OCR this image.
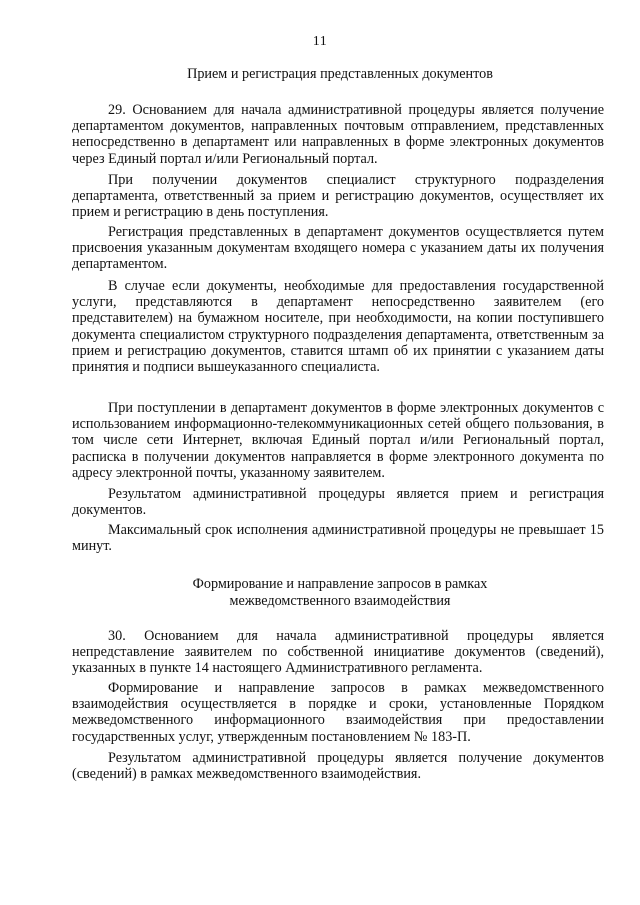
11
Прием и регистрация представленных документов

29. Основанием для начала административной процедуры является получение департаментом документов, направленных почтовым отправлением, представленных непосредственно в департамент или направленных в форме электронных документов через Единый портал и/или Региональный портал.

При получении документов специалист структурного подразделения департамента, ответственный за прием и регистрацию документов, осуществляет их прием и регистрацию в день поступления.

Регистрация представленных в департамент документов осуществляется путем присвоения указанным документам входящего номера с указанием даты их получения департаментом.

В случае если документы, необходимые для предоставления государственной услуги, представляются в департамент непосредственно заявителем (его представителем) на бумажном носителе, при необходимости, на копии поступившего документа специалистом структурного подразделения департамента, ответственным за прием и регистрацию документов, ставится штамп об их принятии с указанием даты принятия и подписи вышеуказанного специалиста.

При поступлении в департамент документов в форме электронных документов с использованием информационно-телекоммуникационных сетей общего пользования, в том числе сети Интернет, включая Единый портал и/или Региональный портал, расписка в получении документов направляется в форме электронного документа по адресу электронной почты, указанному заявителем.

Результатом административной процедуры является прием и регистрация документов.

Максимальный срок исполнения административной процедуры не превышает 15 минут.

Формирование и направление запросов в рамках
межведомственного взаимодействия

30. Основанием для начала административной процедуры является непредставление заявителем по собственной инициативе документов (сведений), указанных в пункте 14 настоящего Административного регламента.

Формирование и направление запросов в рамках межведомственного взаимодействия осуществляется в порядке и сроки, установленные Порядком межведомственного информационного взаимодействия при предоставлении государственных услуг, утвержденным постановлением № 183-П.

Результатом административной процедуры является получение документов (сведений) в рамках межведомственного взаимодействия.
